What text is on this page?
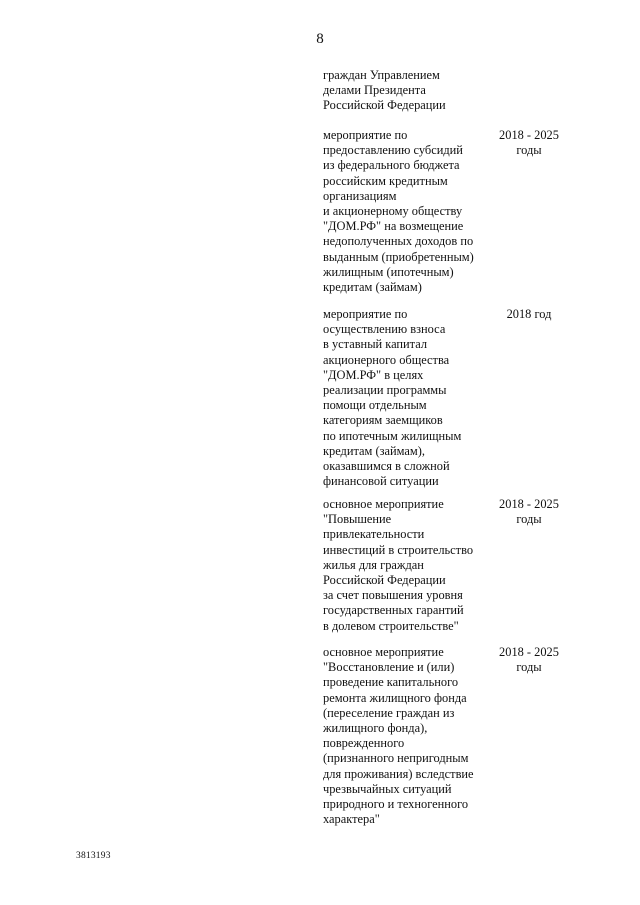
8
граждан Управлением
делами Президента
Российской Федерации
мероприятие по
предоставлению субсидий
из федерального бюджета
российским кредитным
организациям
и акционерному обществу
"ДОМ.РФ" на возмещение
недополученных доходов по
выданным (приобретенным)
жилищным (ипотечным)
кредитам (займам)
2018 - 2025
годы
мероприятие по
осуществлению взноса
в уставный капитал
акционерного общества
"ДОМ.РФ" в целях
реализации программы
помощи отдельным
категориям заемщиков
по ипотечным жилищным
кредитам (займам),
оказавшимся в сложной
финансовой ситуации
2018 год
основное мероприятие
"Повышение
привлекательности
инвестиций в строительство
жилья для граждан
Российской Федерации
за счет повышения уровня
государственных гарантий
в долевом строительстве"
2018 - 2025
годы
основное мероприятие
"Восстановление и (или)
проведение капитального
ремонта жилищного фонда
(переселение граждан из
жилищного фонда),
поврежденного
(признанного непригодным
для проживания) вследствие
чрезвычайных ситуаций
природного и техногенного
характера"
2018 - 2025
годы
3813193
